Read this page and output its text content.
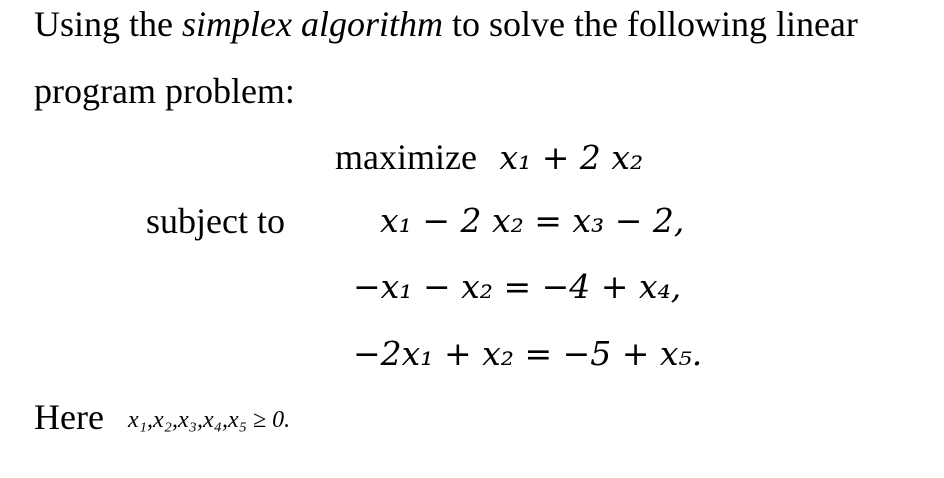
Using the simplex algorithm to solve the following linear
program problem:
maximize x₁ + 2 x₂
subject to	x₁ − 2 x₂ = x₃ − 2,
−x₁ − x₂ = −4 + x₄,
−2x₁ + x₂ = −5 + x₅.
Here x₁,x₂,x₃,x₄,x₅ ≥ 0.
